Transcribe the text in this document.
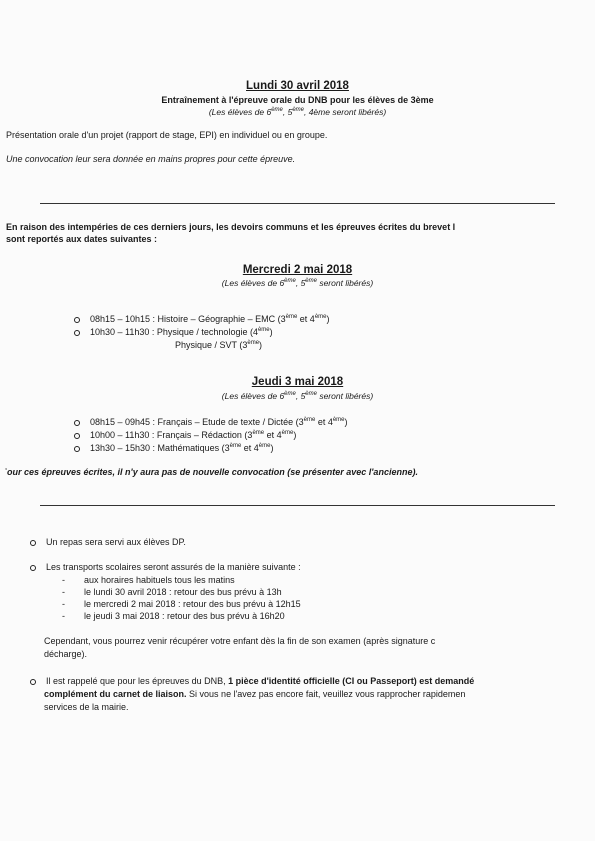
Lundi 30 avril 2018
Entraînement à l'épreuve orale du DNB pour les élèves de 3ème
(Les élèves de 6ème, 5ème, 4ème seront libérés)
Présentation orale d'un projet (rapport de stage, EPI) en individuel ou en groupe.
Une convocation leur sera donnée en mains propres pour cette épreuve.
En raison des intempéries de ces derniers jours, les devoirs communs et les épreuves écrites du brevet l
sont reportés aux dates suivantes :
Mercredi 2 mai 2018
(Les élèves de 6ème, 5ème seront libérés)
08h15 – 10h15 : Histoire – Géographie – EMC (3ème et 4ème)
10h30 – 11h30 : Physique / technologie (4ème)
Physique / SVT (3ème)
Jeudi 3 mai 2018
(Les élèves de 6ème, 5ème seront libérés)
08h15 – 09h45 : Français – Etude de texte / Dictée (3ème et 4ème)
10h00 – 11h30 : Français – Rédaction (3ème et 4ème)
13h30 – 15h30 : Mathématiques (3ème et 4ème)
ʾour ces épreuves écrites, il n'y aura pas de nouvelle convocation (se présenter avec l'ancienne).
Un repas sera servi aux élèves DP.
Les transports scolaires seront assurés de la manière suivante :
- aux horaires habituels tous les matins
- le lundi 30 avril 2018 : retour des bus prévu à 13h
- le mercredi 2 mai 2018 : retour des bus prévu à 12h15
- le jeudi 3 mai 2018 : retour des bus prévu à 16h20
Cependant, vous pourrez venir récupérer votre enfant dès la fin de son examen (après signature c
décharge).
Il est rappelé que pour les épreuves du DNB, 1 pièce d'identité officielle (CI ou Passeport) est demandé
complément du carnet de liaison. Si vous ne l'avez pas encore fait, veuillez vous rapprocher rapidemen
services de la mairie.
